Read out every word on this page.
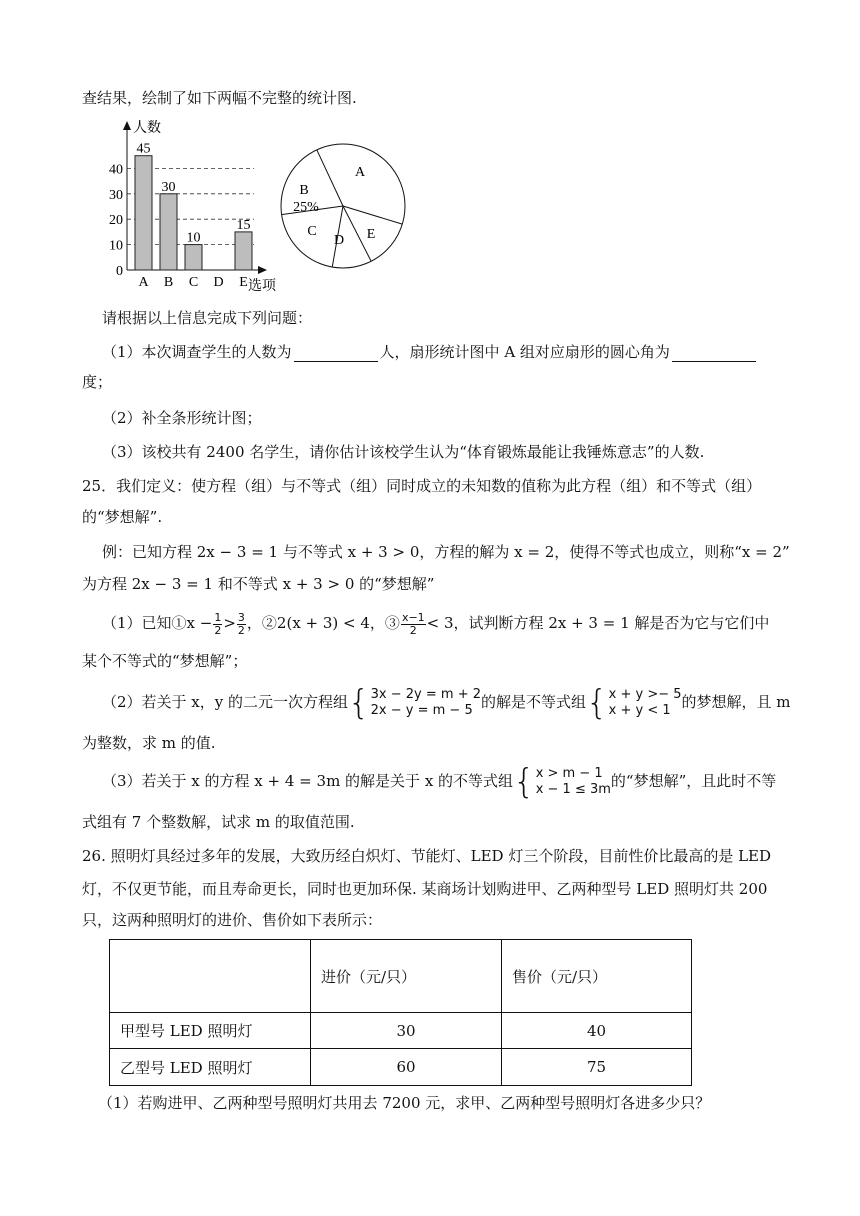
查结果，绘制了如下两幅不完整的统计图.
0
10
20
30
40
人数
选项
A
45
B
30
C
10
D E
15
A
B
C
D E
25%
请根据以上信息完成下列问题：
（1）本次调查学生的人数为	人，扇形统计图中 A 组对应扇形的圆心角为
度；
（2）补全条形统计图；
（3）该校共有 2400 名学生，请你估计该校学生认为“体育锻炼最能让我锤炼意志”的人数.
25．我们定义：使方程（组）与不等式（组）同时成立的未知数的值称为此方程（组）和不等式（组）
的“梦想解”.
例：已知方程 2x − 3 = 1 与不等式 x + 3 > 0，方程的解为 x = 2，使得不等式也成立，则称“x = 2”
为方程 2x − 3 = 1 和不等式 x + 3 > 0 的“梦想解”
（1）已知①x − $\frac{1}{2} > \frac{3}{2}$ ，②2(x + 3) < 4，③ $\frac{x-1}{2} < 3$，试判断方程 2x + 3 = 1 解是否为它与它们中
某个不等式的“梦想解”；
（2）若关于 x，y 的二元一次方程组 { 3x − 2y = m + 2
2x − y = m − 5 的解是不等式组 { x + y >− 5
x + y < 1 的梦想解，且 m
为整数，求 m 的值.
（3）若关于 x 的方程 x + 4 = 3m 的解是关于 x 的不等式组 { x > m − 1
x − 1 ≤ 3m 的“梦想解”，且此时不等
式组有 7 个整数解，试求 m 的取值范围.
26. 照明灯具经过多年的发展，大致历经白炽灯、节能灯、LED 灯三个阶段，目前性价比最高的是 LED
灯，不仅更节能，而且寿命更长，同时也更加环保. 某商场计划购进甲、乙两种型号 LED 照明灯共 200
只，这两种照明灯的进价、售价如下表所示：
	进价（元/只）	售价（元/只）
甲型号 LED 照明灯	30	40
乙型号 LED 照明灯	60	75
（1）若购进甲、乙两种型号照明灯共用去 7200 元，求甲、乙两种型号照明灯各进多少只？
